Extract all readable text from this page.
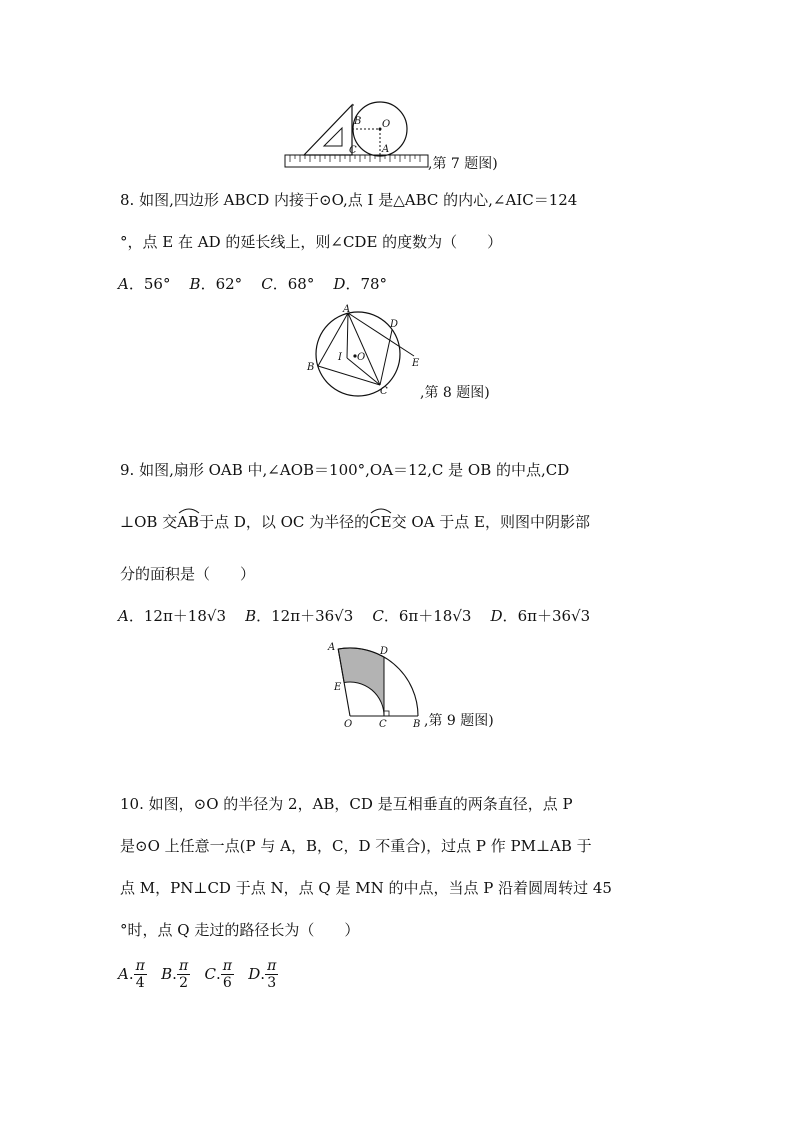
B O
C	A
,第 7 题图)
8. 如图,四边形 ABCD 内接于⊙O,点 I 是△ABC 的内心,∠AIC＝124
°，点 E 在 AD 的延长线上，则∠CDE 的度数为（　　）
A．56° B．62° C．68° D．78°
A
D
E
I O
B
C ,第 8 题图)
9. 如图,扇形 OAB 中,∠AOB＝100°,OA＝12,C 是 OB 的中点,CD
⊥OB 交AB
于点 D，以 OC 为半径的CE
交 OA 于点 E，则图中阴影部
分的面积是（　　）
A．12π＋18√3 B．12π＋36√3 C．6π＋18√3 D．6π＋36√3
A	D
E
O	C	B ,第 9 题图)
10. 如图，⊙O 的半径为 2，AB，CD 是互相垂直的两条直径，点 P
是⊙O 上任意一点(P 与 A，B，C，D 不重合)，过点 P 作 PM⊥AB 于
点 M，PN⊥CD 于点 N，点 Q 是 MN 的中点，当点 P 沿着圆周转过 45
°时，点 Q 走过的路径长为（　　）
A. $\frac{\pi}{4} B$. $\frac{\pi}{2} C$. $\frac{\pi}{6} D$. $\frac{\pi}{3}$
